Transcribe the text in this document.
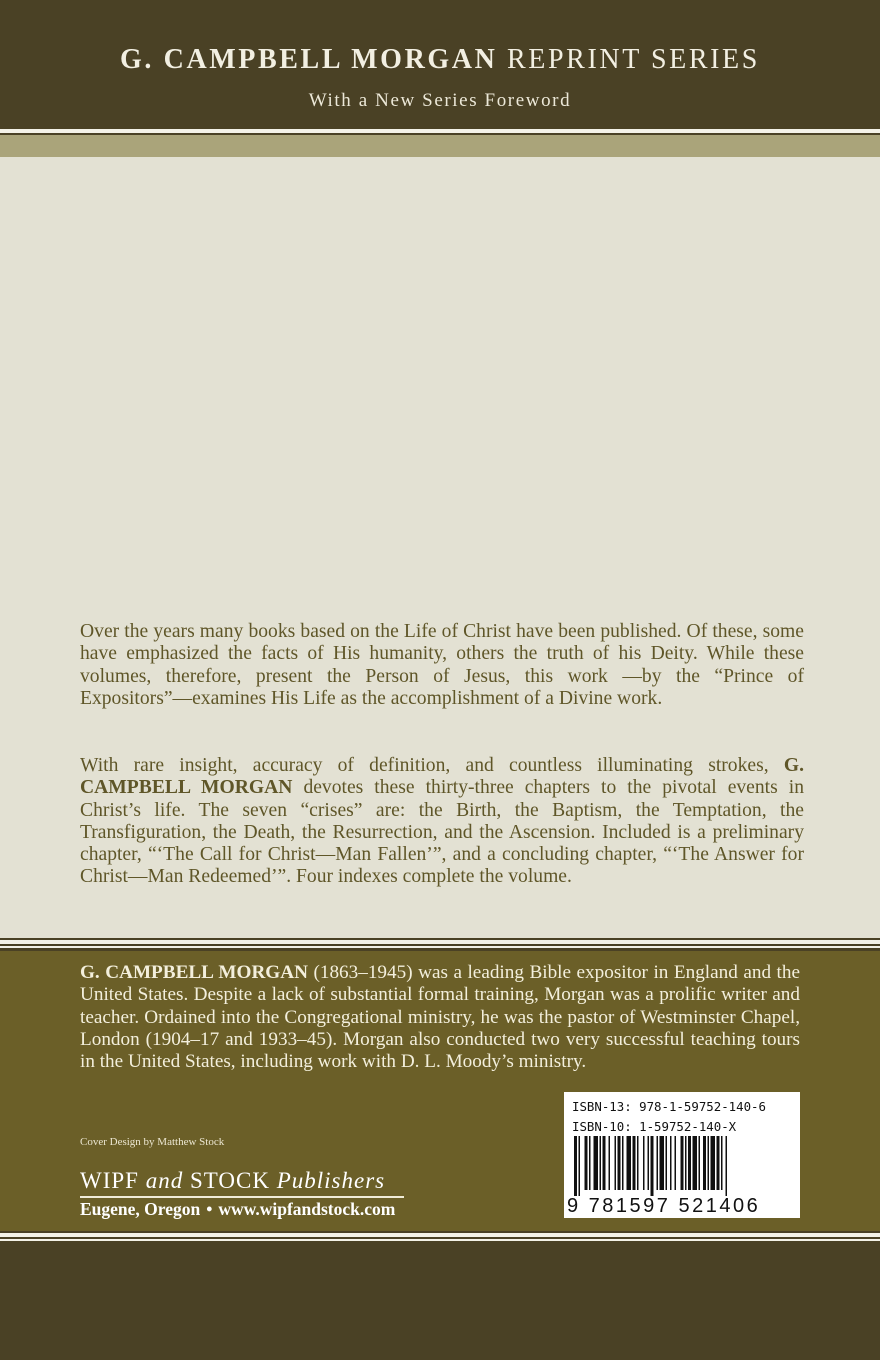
G. CAMPBELL MORGAN REPRINT SERIES
With a New Series Foreword

Over the years many books based on the Life of Christ have been published. Of these, some have emphasized the facts of His humanity, others the truth of his Deity. While these volumes, therefore, present the Person of Jesus, this work —by the “Prince of Expositors”—examines His Life as the accomplishment of a Divine work.

With rare insight, accuracy of definition, and countless illuminating strokes, G. CAMPBELL MORGAN devotes these thirty-three chapters to the pivotal events in Christ’s life. The seven “crises” are: the Birth, the Baptism, the Temptation, the Transfiguration, the Death, the Resurrection, and the Ascension. Included is a preliminary chapter, “‘The Call for Christ—Man Fallen’”, and a concluding chapter, “‘The Answer for Christ—Man Redeemed’”. Four indexes complete the volume.

G. CAMPBELL MORGAN (1863–1945) was a leading Bible expositor in England and the United States. Despite a lack of substantial formal training, Morgan was a prolific writer and teacher. Ordained into the Congregational ministry, he was the pastor of Westminster Chapel, London (1904–17 and 1933–45). Morgan also conducted two very successful teaching tours in the United States, including work with D. L. Moody’s ministry.

Cover Design by Matthew Stock
WIPF and STOCK Publishers
Eugene, Oregon • www.wipfandstock.com
ISBN-13: 978-1-59752-140-6
ISBN-10: 1-59752-140-X
9 781597 521406
